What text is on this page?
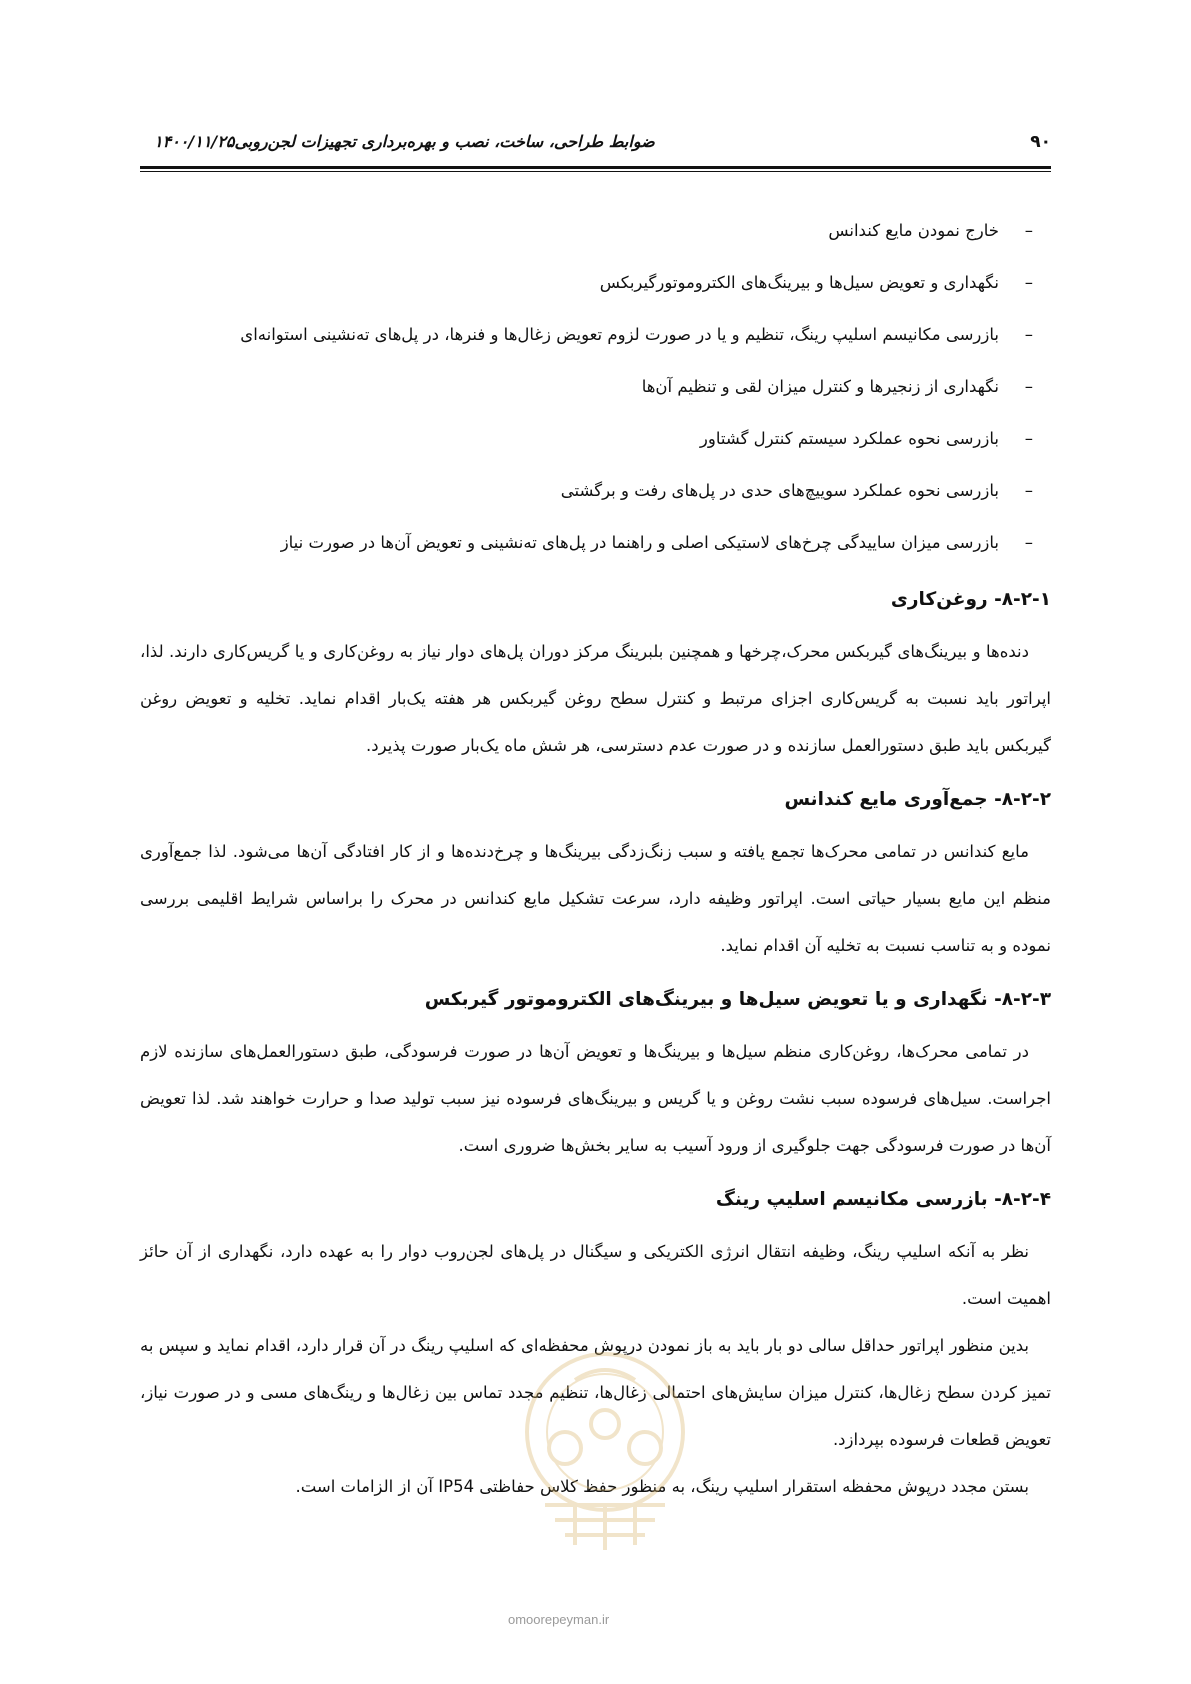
۹۰
ضوابط طراحی، ساخت، نصب و بهره‌برداری تجهیزات لجن‌روبی۱۴۰۰/۱۱/۲۵
– خارج نمودن مایع کندانس
– نگهداری و تعویض سیل‌ها و بیرینگ‌های الکتروموتورگیربکس
– بازرسی مکانیسم اسلیپ رینگ، تنظیم و یا در صورت لزوم تعویض زغال‌ها و فنرها، در پل‌های ته‌نشینی استوانه‌ای
– نگهداری از زنجیرها و کنترل میزان لقی و تنظیم آن‌ها
– بازرسی نحوه عملکرد سیستم کنترل گشتاور
– بازرسی نحوه عملکرد سوییچ‌های حدی در پل‌های رفت و برگشتی
– بازرسی میزان ساییدگی چرخ‌های لاستیکی اصلی و راهنما در پل‌های ته‌نشینی و تعویض آن‌ها در صورت نیاز
۸-۲-۱- روغن‌کاری

دنده‌ها و بیرینگ‌های گیربکس محرک،چرخها و همچنین بلبرینگ مرکز دوران پل‌های دوار نیاز به روغن‌کاری و یا گریس‌کاری دارند. لذا، اپراتور باید نسبت به گریس‌کاری اجزای مرتبط و کنترل سطح روغن گیربکس هر هفته یک‌بار اقدام نماید. تخلیه و تعویض روغن گیربکس باید طبق دستورالعمل سازنده و در صورت عدم دسترسی، هر شش ماه یک‌بار صورت پذیرد.

۸-۲-۲- جمع‌آوری مایع کندانس

مایع کندانس در تمامی محرک‌ها تجمع یافته و سبب زنگ‌زدگی بیرینگ‌ها و چرخ‌دنده‌ها و از کار افتادگی آن‌ها می‌شود. لذا جمع‌آوری منظم این مایع بسیار حیاتی است. اپراتور وظیفه دارد، سرعت تشکیل مایع کندانس در محرک را براساس شرایط اقلیمی بررسی نموده و به تناسب نسبت به تخلیه آن اقدام نماید.

۸-۲-۳- نگهداری و یا تعویض سیل‌ها و بیرینگ‌های الکتروموتور گیربکس

در تمامی محرک‌ها، روغن‌کاری منظم سیل‌ها و بیرینگ‌ها و تعویض آن‌ها در صورت فرسودگی، طبق دستورالعمل‌های سازنده لازم اجراست. سیل‌های فرسوده سبب نشت روغن و یا گریس و بیرینگ‌های فرسوده نیز سبب تولید صدا و حرارت خواهند شد. لذا تعویض آن‌ها در صورت فرسودگی جهت جلوگیری از ورود آسیب به سایر بخش‌ها ضروری است.

۸-۲-۴- بازرسی مکانیسم اسلیپ رینگ

نظر به آنکه اسلیپ رینگ، وظیفه انتقال انرژی الکتریکی و سیگنال در پل‌های لجن‌روب دوار را به عهده دارد، نگهداری از آن حائز اهمیت است.

بدین منظور اپراتور حداقل سالی دو بار باید به باز نمودن درپوش محفظه‌ای که اسلیپ رینگ در آن قرار دارد، اقدام نماید و سپس به تمیز کردن سطح زغال‌ها، کنترل میزان سایش‌های احتمالی زغال‌ها، تنظیم مجدد تماس بین زغال‌ها و رینگ‌های مسی و در صورت نیاز، تعویض قطعات فرسوده بپردازد.

بستن مجدد درپوش محفظه استقرار اسلیپ رینگ، به منظور حفظ کلاس حفاظتی IP54 آن از الزامات است.

omoorepeyman.ir
